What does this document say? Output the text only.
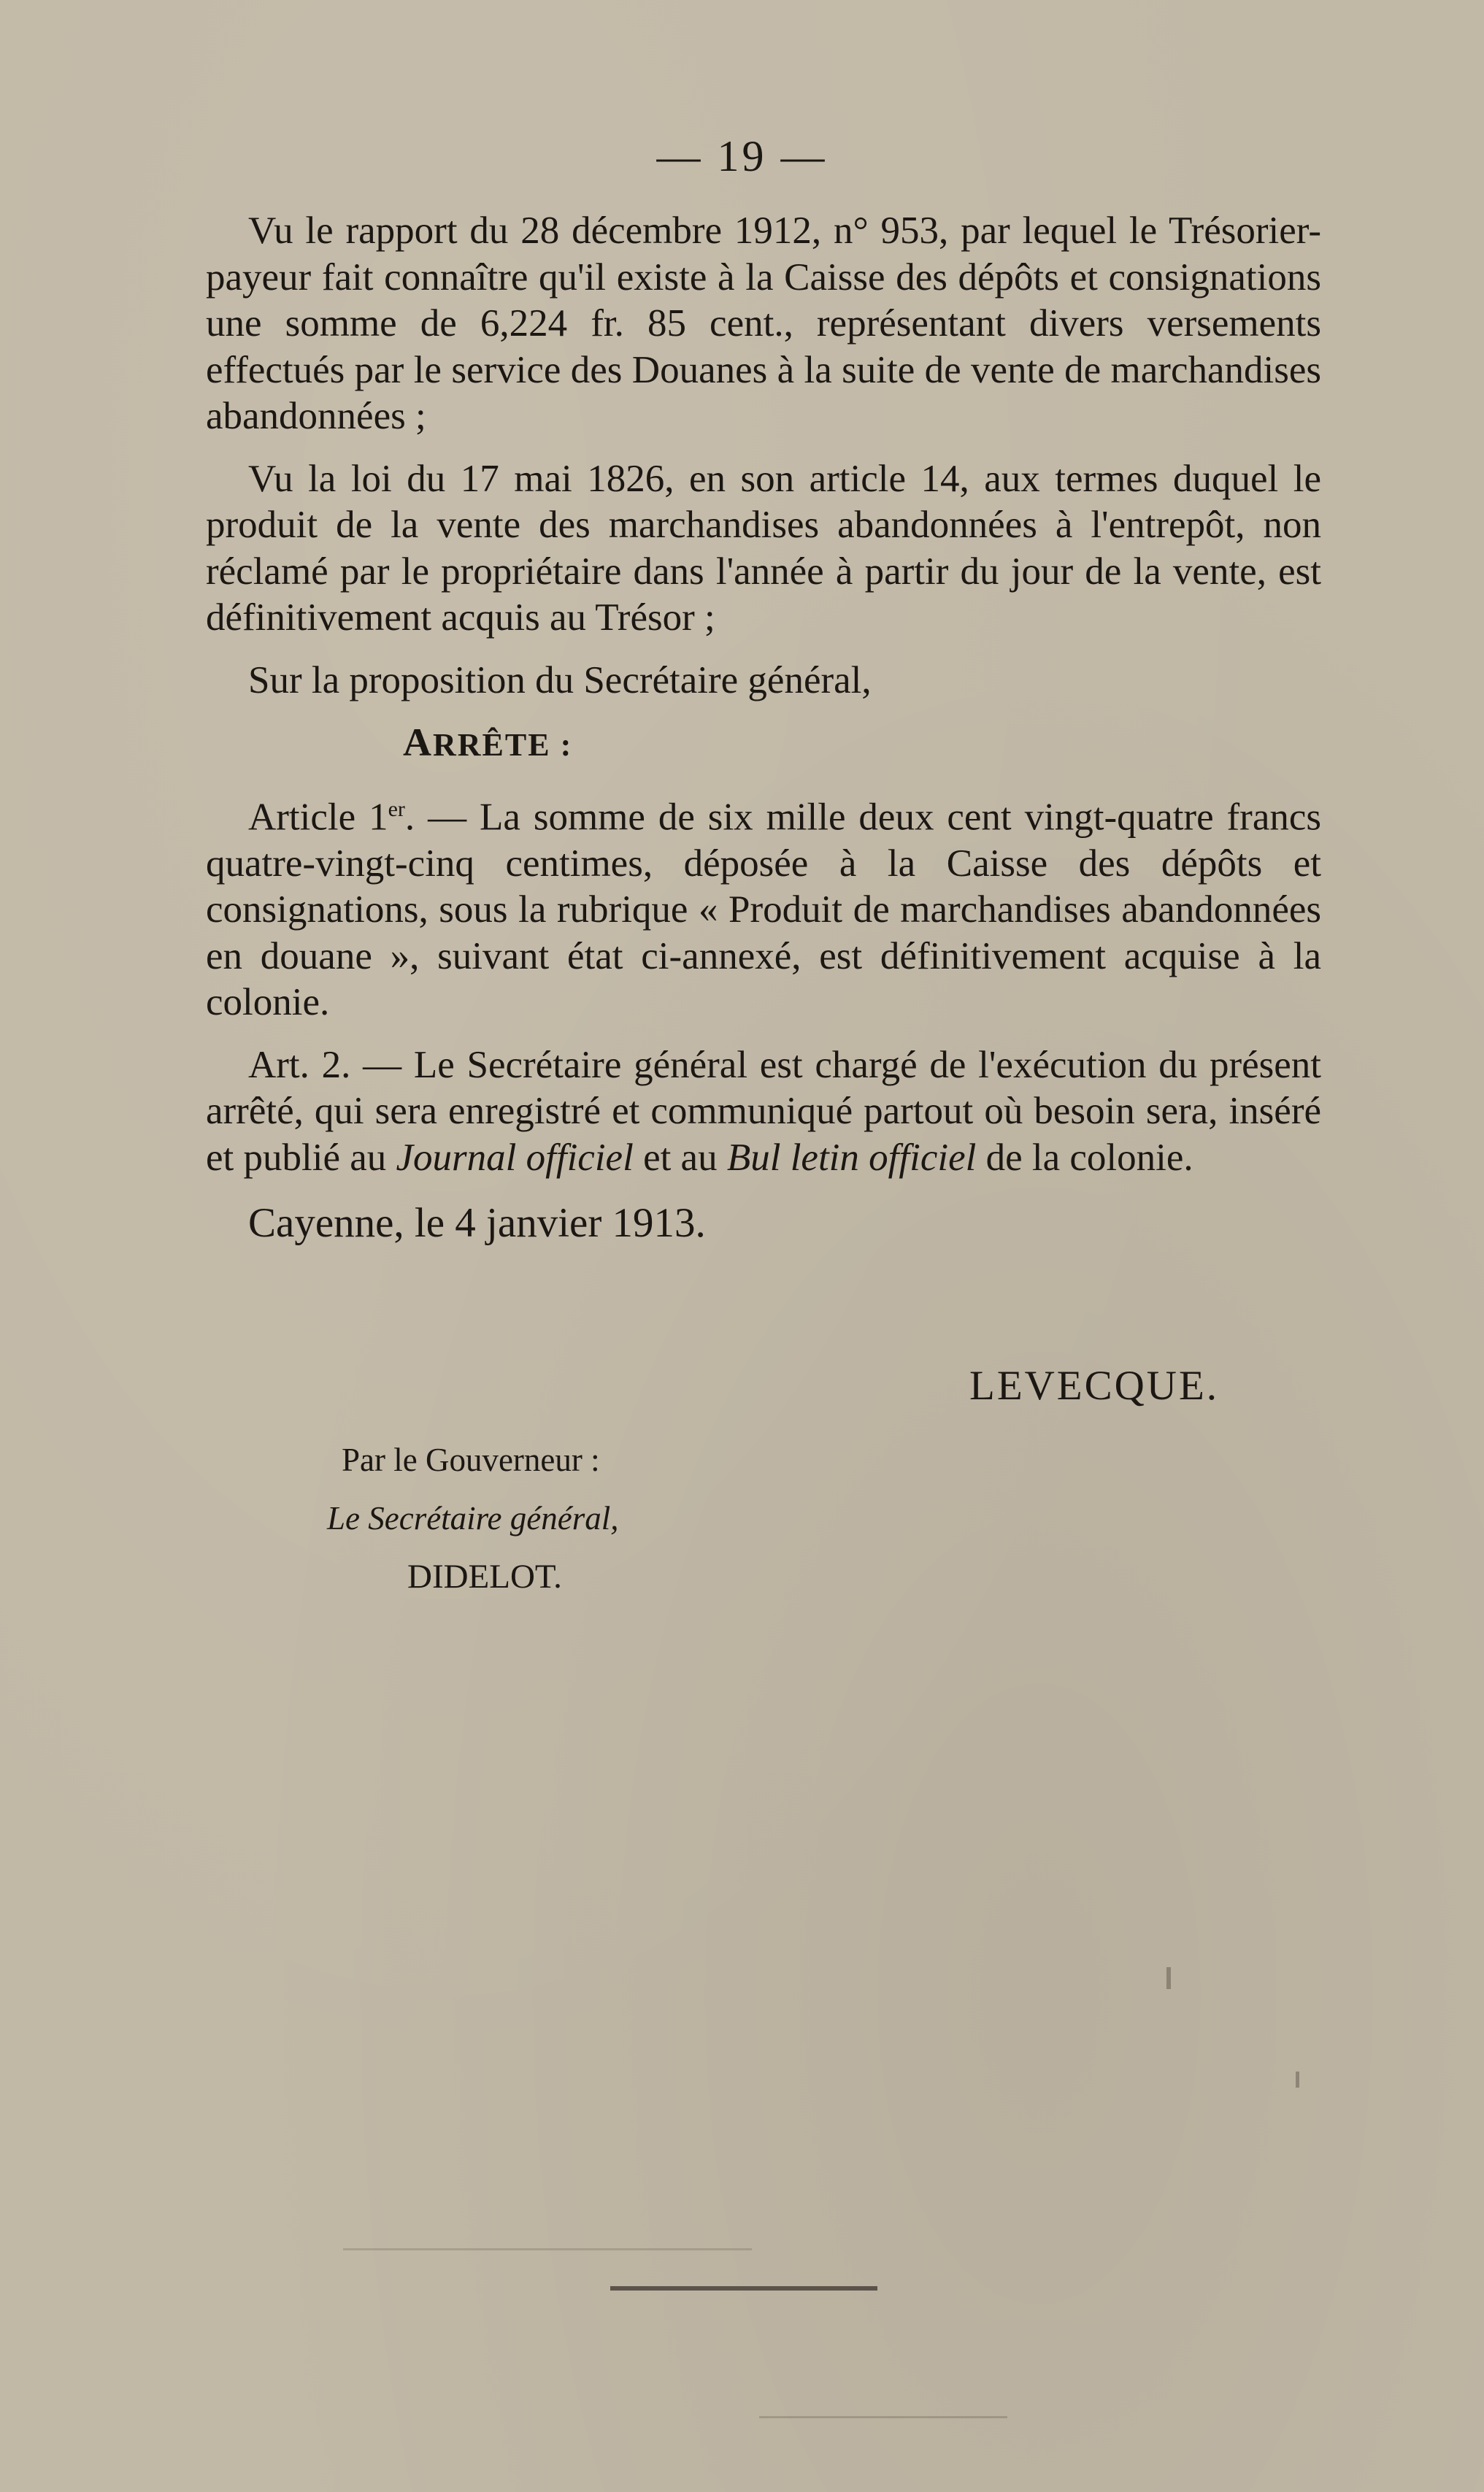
— 19 —

Vu le rapport du 28 décembre 1912, n° 953, par lequel le Trésorier-payeur fait connaître qu'il existe à la Caisse des dépôts et consignations une somme de 6,224 fr. 85 cent., représentant divers versements effectués par le service des Douanes à la suite de vente de marchandises abandonnées ;

Vu la loi du 17 mai 1826, en son article 14, aux termes duquel le produit de la vente des marchandises abandonnées à l'entrepôt, non réclamé par le propriétaire dans l'année à partir du jour de la vente, est définitivement acquis au Trésor ;

Sur la proposition du Secrétaire général,

ARRÊTE :

Article 1er. — La somme de six mille deux cent vingt-quatre francs quatre-vingt-cinq centimes, déposée à la Caisse des dépôts et consignations, sous la rubrique « Produit de marchandises abandonnées en douane », suivant état ci-annexé, est définitivement acquise à la colonie.

Art. 2. — Le Secrétaire général est chargé de l'exécution du présent arrêté, qui sera enregistré et communiqué partout où besoin sera, inséré et publié au Journal officiel et au Bul letin officiel de la colonie.

Cayenne, le 4 janvier 1913.

LEVECQUE.
Par le Gouverneur :
Le Secrétaire général,
DIDELOT.
